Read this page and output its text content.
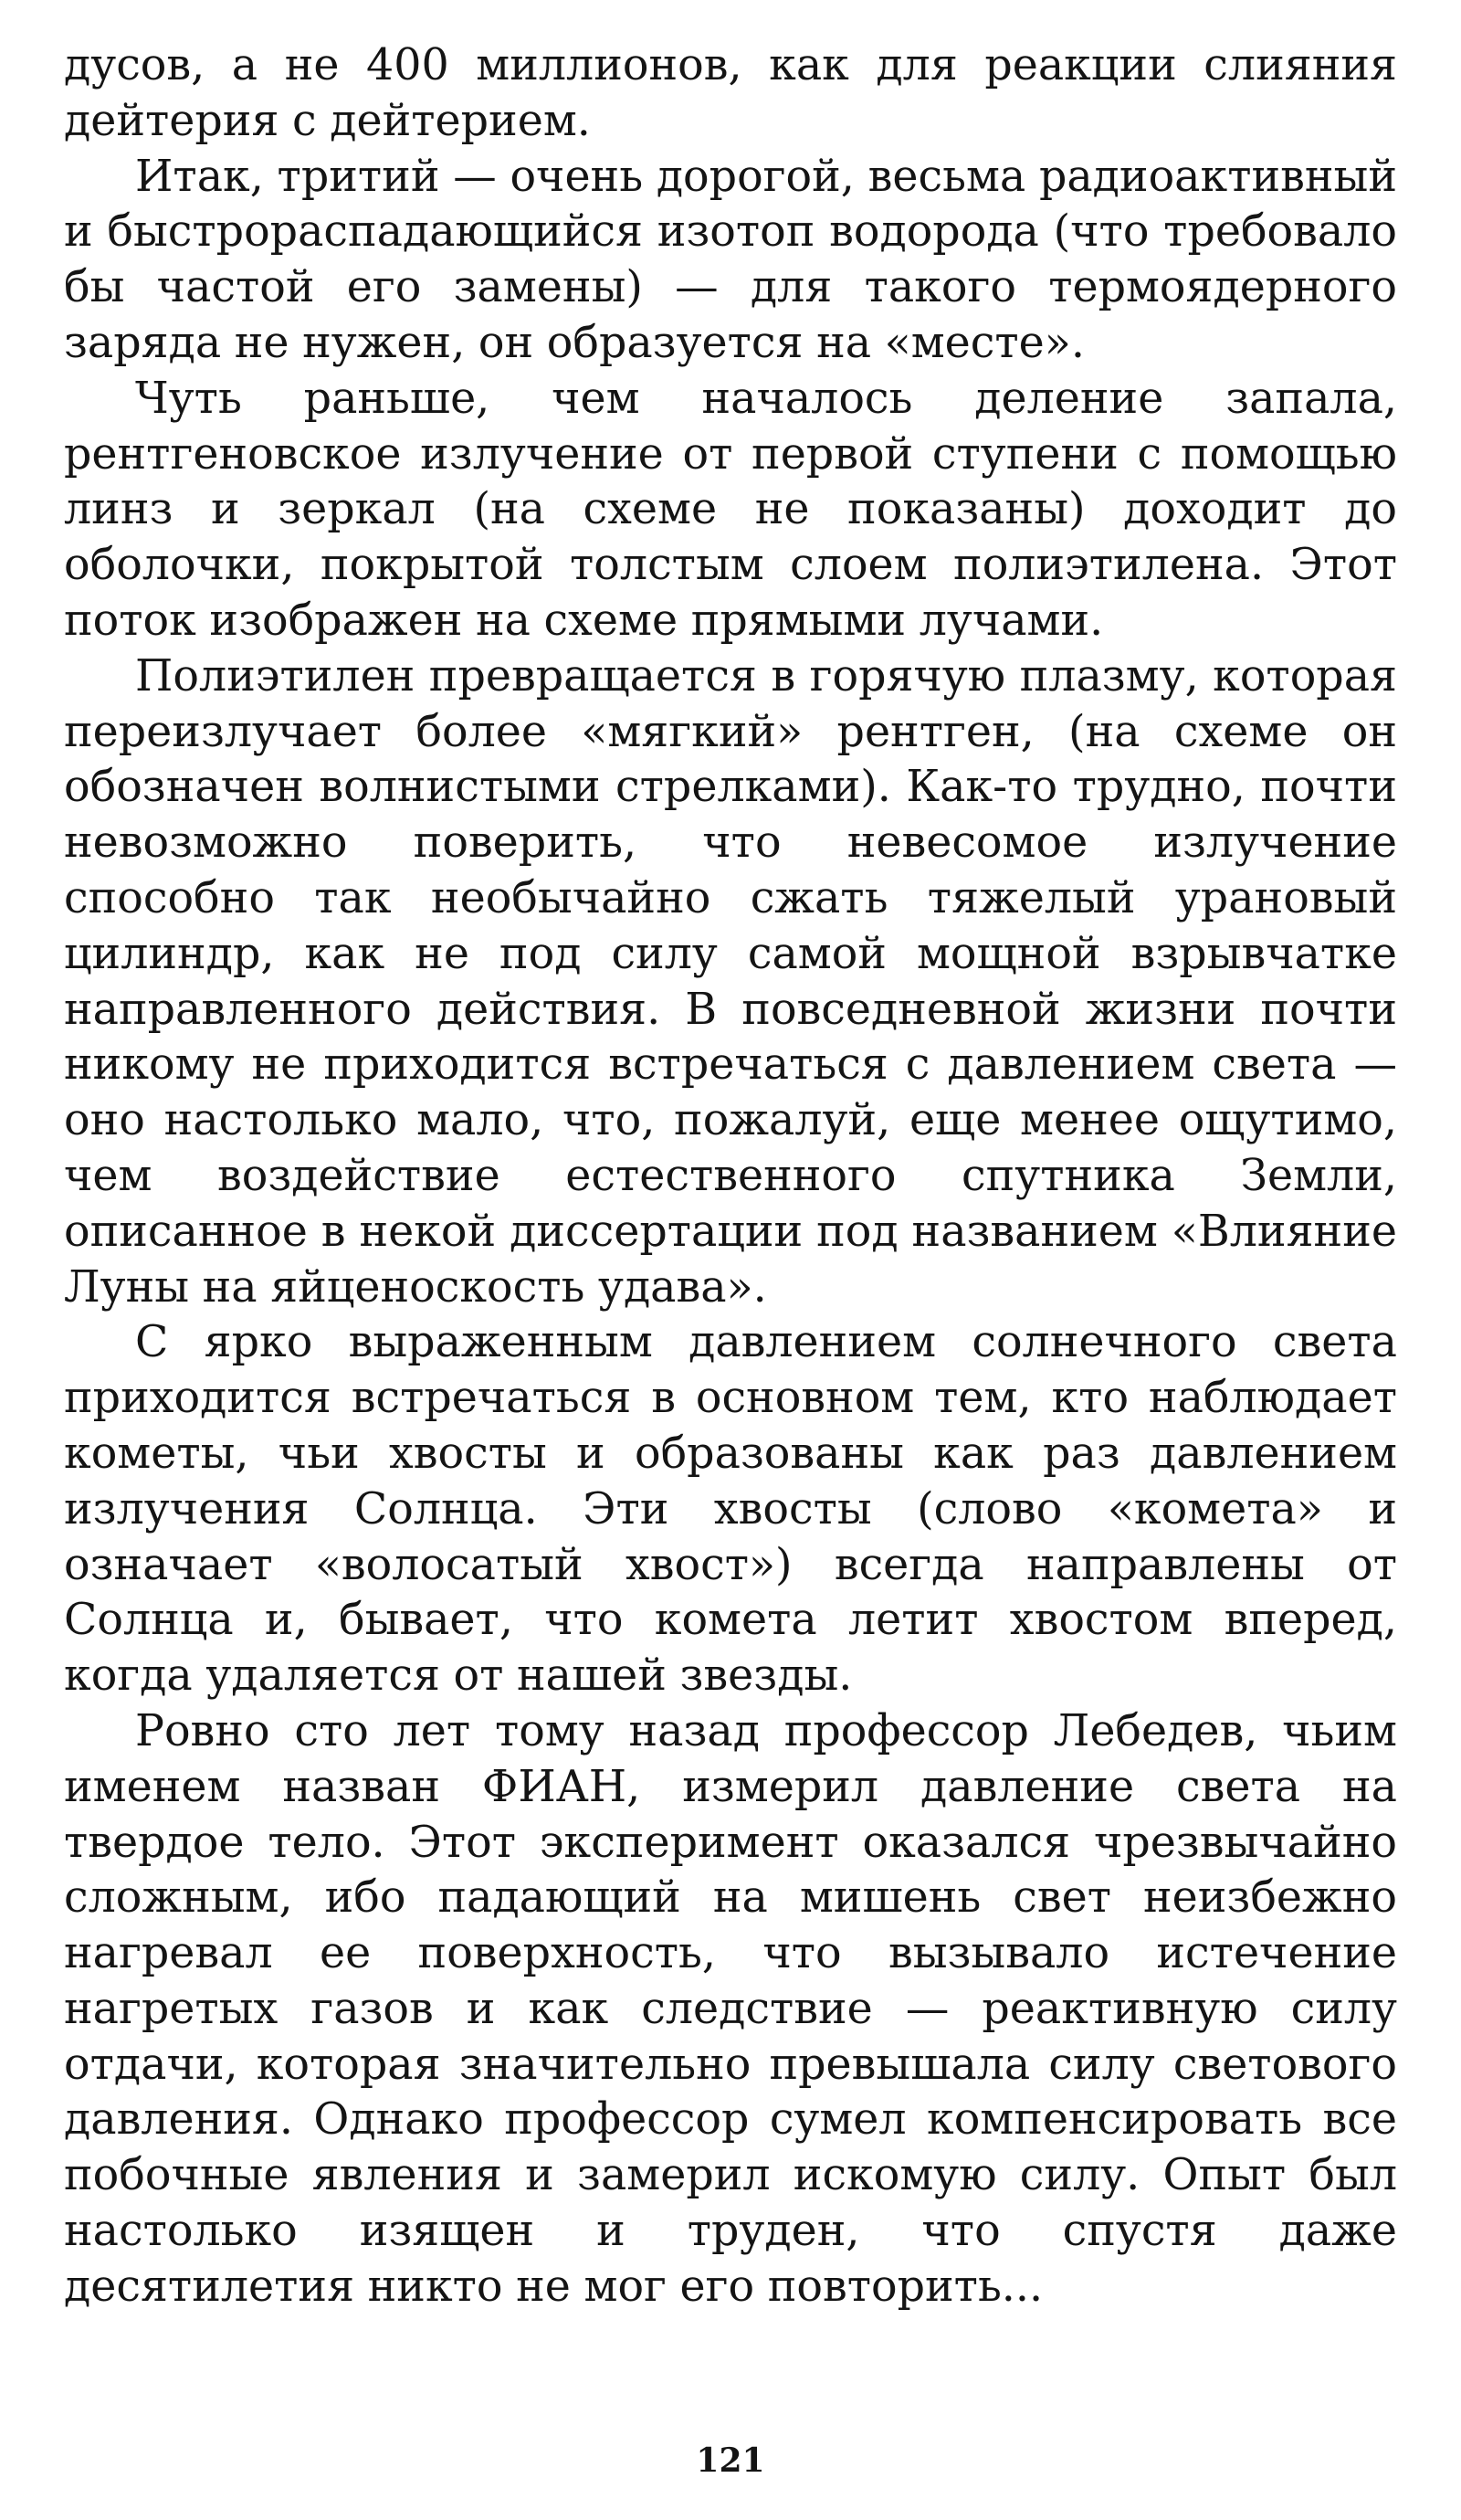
дусов, а не 400 миллионов, как для реакции слияния дейтерия с дейтерием.

Итак, тритий — очень дорогой, весьма радиоактивный и быстрораспадающийся изотоп водорода (что требовало бы частой его замены) — для такого термоядерного заряда не нужен, он образуется на «месте».

Чуть раньше, чем началось деление запала, рентгеновское излучение от первой ступени с помощью линз и зеркал (на схеме не показаны) доходит до оболочки, покрытой толстым слоем полиэтилена. Этот поток изображен на схеме прямыми лучами.

Полиэтилен превращается в горячую плазму, которая переизлучает более «мягкий» рентген, (на схеме он обозначен волнистыми стрелками). Как-то трудно, почти невозможно поверить, что невесомое излучение способно так необычайно сжать тяжелый урановый цилиндр, как не под силу самой мощной взрывчатке направленного действия. В повседневной жизни почти никому не приходится встречаться с давлением света — оно настолько мало, что, пожалуй, еще менее ощутимо, чем воздействие естественного спутника Земли, описанное в некой диссертации под названием «Влияние Луны на яйценоскость удава».

С ярко выраженным давлением солнечного света приходится встречаться в основном тем, кто наблюдает кометы, чьи хвосты и образованы как раз давлением излучения Солнца. Эти хвосты (слово «комета» и означает «волосатый хвост») всегда направлены от Солнца и, бывает, что комета летит хвостом вперед, когда удаляется от нашей звезды.

Ровно сто лет тому назад профессор Лебедев, чьим именем назван ФИАН, измерил давление света на твердое тело. Этот эксперимент оказался чрезвычайно сложным, ибо падающий на мишень свет неизбежно нагревал ее поверхность, что вызывало истечение нагретых газов и как следствие — реактивную силу отдачи, которая значительно превышала силу светового давления. Однако профессор сумел компенсировать все побочные явления и замерил искомую силу. Опыт был настолько изящен и труден, что спустя даже десятилетия никто не мог его повторить...

121
